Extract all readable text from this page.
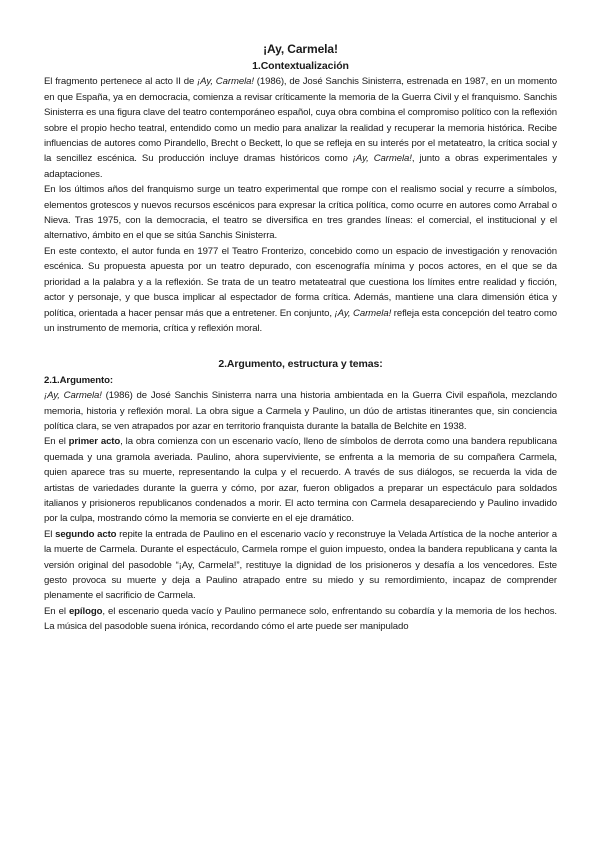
¡Ay, Carmela!
1.Contextualización

El fragmento pertenece al acto II de ¡Ay, Carmela! (1986), de José Sanchis Sinisterra, estrenada en 1987, en un momento en que España, ya en democracia, comienza a revisar críticamente la memoria de la Guerra Civil y el franquismo. Sanchis Sinisterra es una figura clave del teatro contemporáneo español, cuya obra combina el compromiso político con la reflexión sobre el propio hecho teatral, entendido como un medio para analizar la realidad y recuperar la memoria histórica. Recibe influencias de autores como Pirandello, Brecht o Beckett, lo que se refleja en su interés por el metateatro, la crítica social y la sencillez escénica. Su producción incluye dramas históricos como ¡Ay, Carmela!, junto a obras experimentales y adaptaciones.

En los últimos años del franquismo surge un teatro experimental que rompe con el realismo social y recurre a símbolos, elementos grotescos y nuevos recursos escénicos para expresar la crítica política, como ocurre en autores como Arrabal o Nieva. Tras 1975, con la democracia, el teatro se diversifica en tres grandes líneas: el comercial, el institucional y el alternativo, ámbito en el que se sitúa Sanchis Sinisterra.

En este contexto, el autor funda en 1977 el Teatro Fronterizo, concebido como un espacio de investigación y renovación escénica. Su propuesta apuesta por un teatro depurado, con escenografía mínima y pocos actores, en el que se da prioridad a la palabra y a la reflexión. Se trata de un teatro metateatral que cuestiona los límites entre realidad y ficción, actor y personaje, y que busca implicar al espectador de forma crítica. Además, mantiene una clara dimensión ética y política, orientada a hacer pensar más que a entretener. En conjunto, ¡Ay, Carmela! refleja esta concepción del teatro como un instrumento de memoria, crítica y reflexión moral.

2.Argumento, estructura y temas:
2.1.Argumento:

¡Ay, Carmela! (1986) de José Sanchis Sinisterra narra una historia ambientada en la Guerra Civil española, mezclando memoria, historia y reflexión moral. La obra sigue a Carmela y Paulino, un dúo de artistas itinerantes que, sin conciencia política clara, se ven atrapados por azar en territorio franquista durante la batalla de Belchite en 1938.

En el primer acto, la obra comienza con un escenario vacío, lleno de símbolos de derrota como una bandera republicana quemada y una gramola averiada. Paulino, ahora superviviente, se enfrenta a la memoria de su compañera Carmela, quien aparece tras su muerte, representando la culpa y el recuerdo. A través de sus diálogos, se recuerda la vida de artistas de variedades durante la guerra y cómo, por azar, fueron obligados a preparar un espectáculo para soldados italianos y prisioneros republicanos condenados a morir. El acto termina con Carmela desapareciendo y Paulino invadido por la culpa, mostrando cómo la memoria se convierte en el eje dramático.

El segundo acto repite la entrada de Paulino en el escenario vacío y reconstruye la Velada Artística de la noche anterior a la muerte de Carmela. Durante el espectáculo, Carmela rompe el guion impuesto, ondea la bandera republicana y canta la versión original del pasodoble “¡Ay, Carmela!”, restituye la dignidad de los prisioneros y desafía a los vencedores. Este gesto provoca su muerte y deja a Paulino atrapado entre su miedo y su remordimiento, incapaz de comprender plenamente el sacrificio de Carmela.

En el epílogo, el escenario queda vacío y Paulino permanece solo, enfrentando su cobardía y la memoria de los hechos. La música del pasodoble suena irónica, recordando cómo el arte puede ser manipulado
